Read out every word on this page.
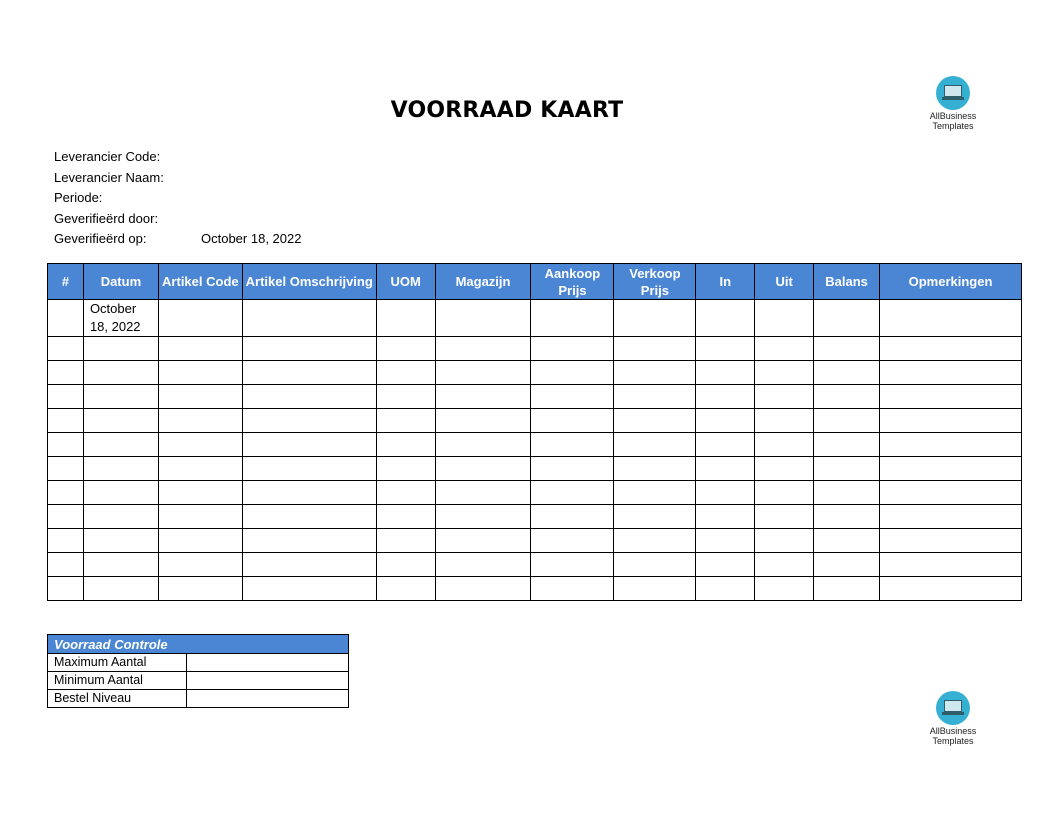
VOORRAAD KAART	AllBusiness
Templates
Leverancier Code:
Leverancier Naam:
Periode:
Geverifieërd door:
Geverifieërd op:	October 18, 2022
#	Datum	Artikel Code	Artikel Omschrijving	UOM	Magazijn	Aankoop Prijs	Verkoop Prijs	In	Uit	Balans	Opmerkingen
	October 18, 2022										

Voorraad Controle	
Maximum Aantal	
Minimum Aantal	
Bestel Niveau	
AllBusiness
Templates
